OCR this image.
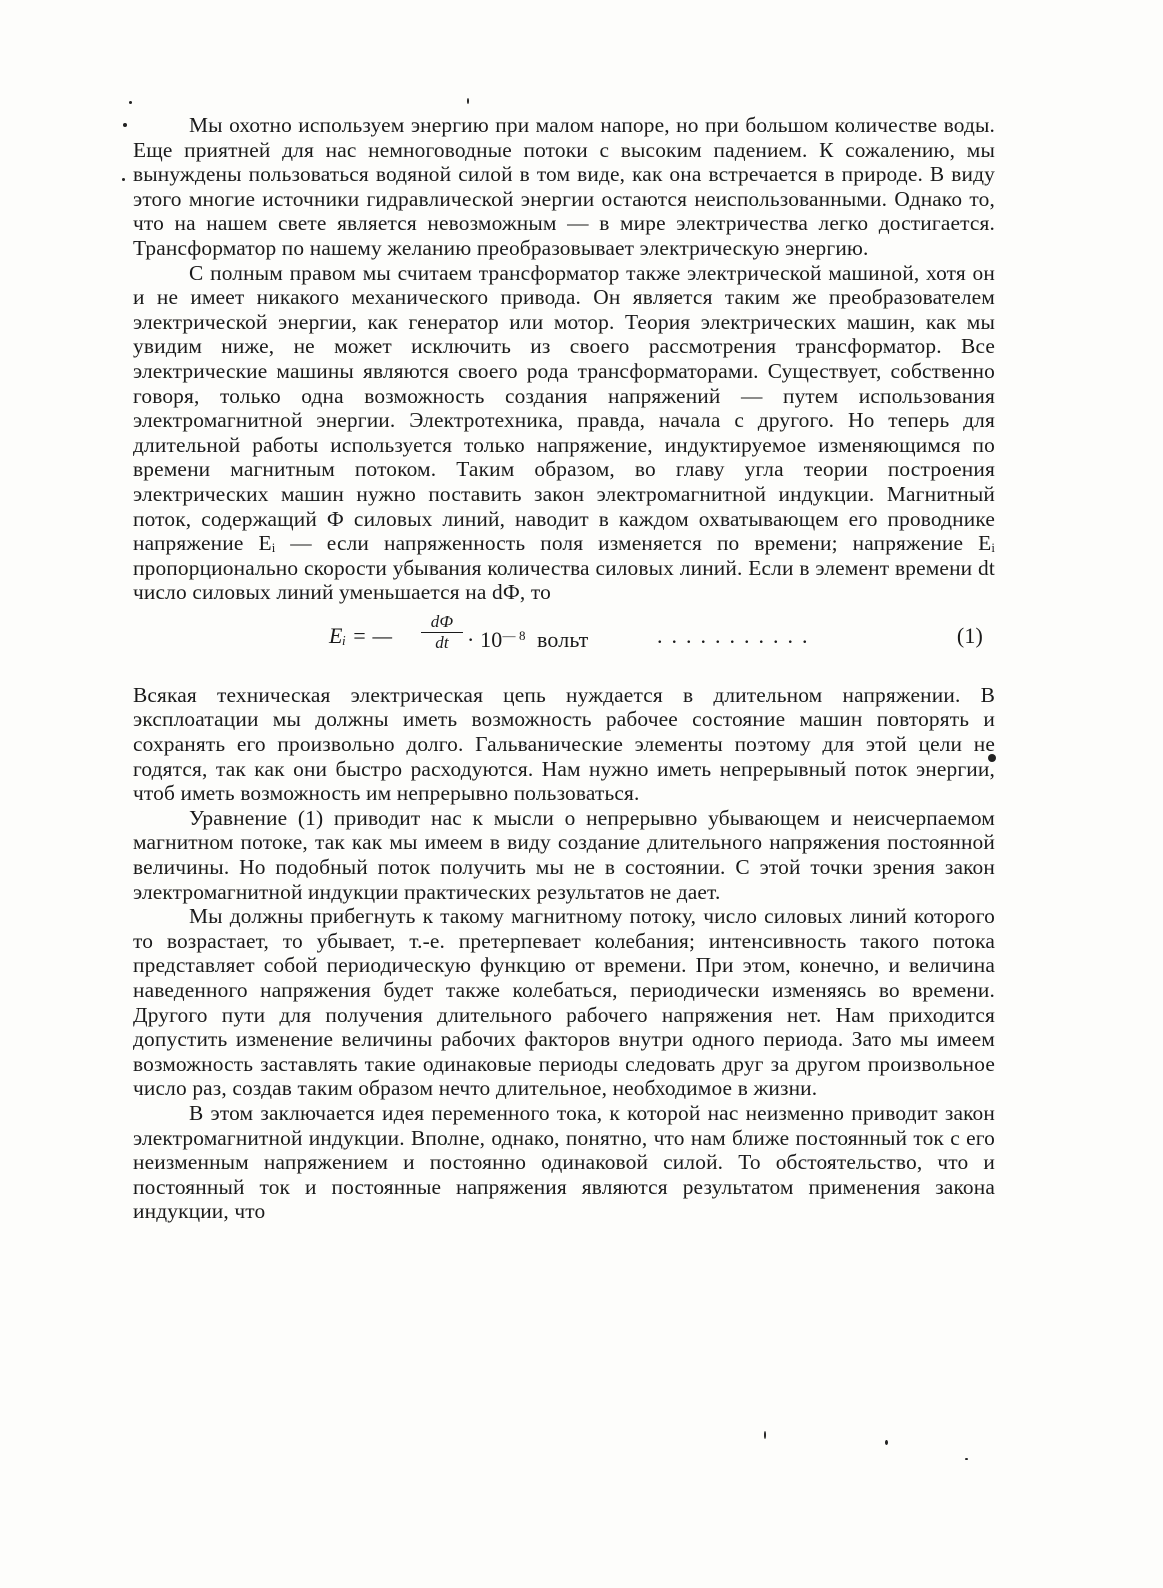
Мы охотно используем энергию при малом напоре, но при большом количестве воды. Еще приятней для нас немноговодные потоки с высоким падением. К сожалению, мы вынуждены пользоваться водяной силой в том виде, как она встречается в природе. В виду этого многие источники гидравлической энергии остаются неиспользованными. Однако то, что на нашем свете является невозможным — в мире электричества легко достигается. Трансформатор по нашему желанию преобразовывает электрическую энергию.

С полным правом мы считаем трансформатор также электрической машиной, хотя он и не имеет никакого механического привода. Он является таким же преобразователем электрической энергии, как генератор или мотор. Теория электрических машин, как мы увидим ниже, не может исключить из своего рассмотрения трансформатор. Все электрические машины являются своего рода трансформаторами. Существует, собственно говоря, только одна возможность создания напряжений — путем использования электромагнитной энергии. Электротехника, правда, начала с другого. Но теперь для длительной работы используется только напряжение, индуктируемое изменяющимся по времени магнитным потоком. Таким образом, во главу угла теории построения электрических машин нужно поставить закон электромагнитной индукции. Магнитный поток, содержащий Ф силовых линий, наводит в каждом охватывающем его проводнике напряжение Eᵢ — если напряженность поля изменяется по времени; напряжение Eᵢ пропорционально скорости убывания количества силовых линий. Если в элемент времени dt число силовых линий уменьшается на dФ, то

Eᵢ = —
dФ
dt · $10^{— 8}$ вольт	...........	(1)

Всякая техническая электрическая цепь нуждается в длительном напряжении. В эксплоатации мы должны иметь возможность рабочее состояние машин повторять и сохранять его произвольно долго. Гальванические элементы поэтому для этой цели не годятся, так как они быстро расходуются. Нам нужно иметь непрерывный поток энергии, чтоб иметь возможность им непрерывно пользоваться.

Уравнение (1) приводит нас к мысли о непрерывно убывающем и неисчерпаемом магнитном потоке, так как мы имеем в виду создание длительного напряжения постоянной величины. Но подобный поток получить мы не в состоянии. С этой точки зрения закон электромагнитной индукции практических результатов не дает.

Мы должны прибегнуть к такому магнитному потоку, число силовых линий которого то возрастает, то убывает, т.-е. претерпевает колебания; интенсивность такого потока представляет собой периодическую функцию от времени. При этом, конечно, и величина наведенного напряжения будет также колебаться, периодически изменяясь во времени. Другого пути для получения длительного рабочего напряжения нет. Нам приходится допустить изменение величины рабочих факторов внутри одного периода. Зато мы имеем возможность заставлять такие одинаковые периоды следовать друг за другом произвольное число раз, создав таким образом нечто длительное, необходимое в жизни.

В этом заключается идея переменного тока, к которой нас неизменно приводит закон электромагнитной индукции. Вполне, однако, понятно, что нам ближе постоянный ток с его неизменным напряжением и постоянно одинаковой силой. То обстоятельство, что и постоянный ток и постоянные напряжения являются результатом применения закона индукции, что
